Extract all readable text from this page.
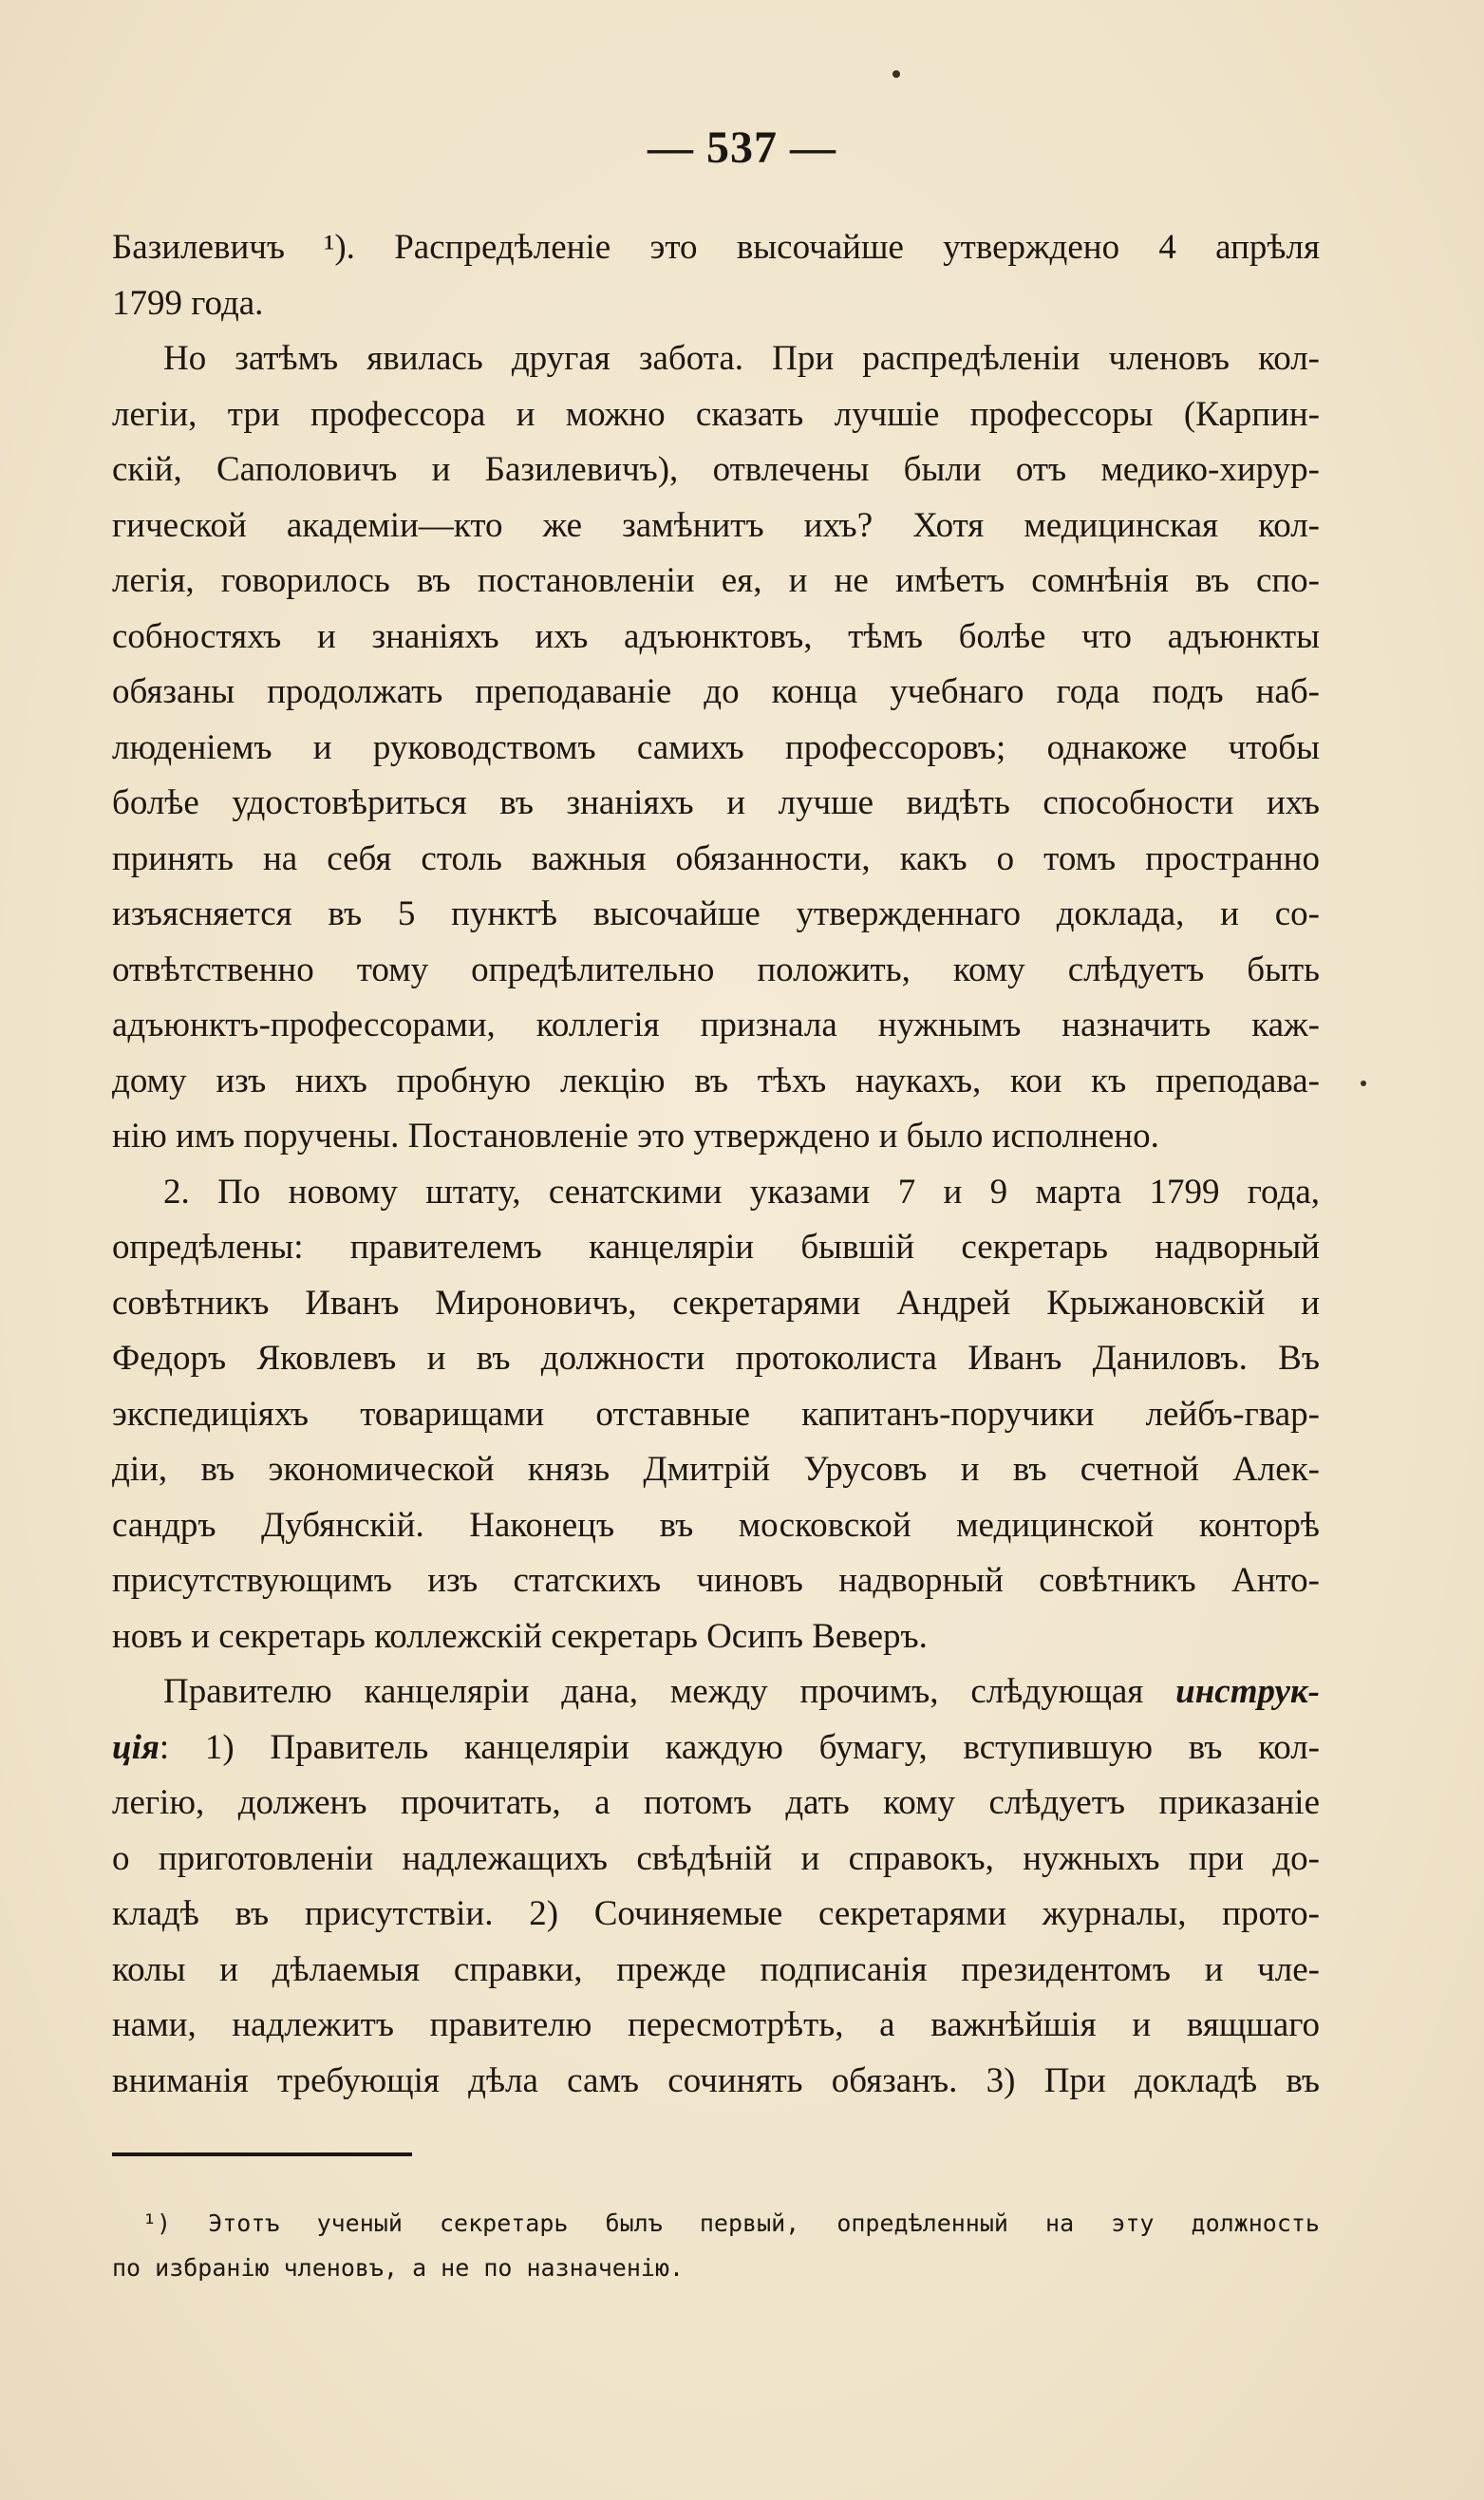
— 537 —
Базилевичъ ¹). Распредѣленіе это высочайше утверждено 4 апрѣля
1799 года.
Но затѣмъ явилась другая забота. При распредѣленіи членовъ кол-
легіи, три профессора и можно сказать лучшіе профессоры (Карпин-
скій, Саполовичъ и Базилевичъ), отвлечены были отъ медико-хирур-
гической академіи—кто же замѣнитъ ихъ? Хотя медицинская кол-
легія, говорилось въ постановленіи ея, и не имѣетъ сомнѣнія въ спо-
собностяхъ и знаніяхъ ихъ адъюнктовъ, тѣмъ болѣе что адъюнкты
обязаны продолжать преподаваніе до конца учебнаго года подъ наб-
люденіемъ и руководствомъ самихъ профессоровъ; однакоже чтобы
болѣе удостовѣриться въ знаніяхъ и лучше видѣть способности ихъ
принять на себя столь важныя обязанности, какъ о томъ пространно
изъясняется въ 5 пунктѣ высочайше утвержденнаго доклада, и со-
отвѣтственно тому опредѣлительно положить, кому слѣдуетъ быть
адъюнктъ-профессорами, коллегія признала нужнымъ назначить каж-
дому изъ нихъ пробную лекцію въ тѣхъ наукахъ, кои къ преподава-
нію имъ поручены. Постановленіе это утверждено и было исполнено.
2. По новому штату, сенатскими указами 7 и 9 марта 1799 года,
опредѣлены: правителемъ канцеляріи бывшій секретарь надворный
совѣтникъ Иванъ Мироновичъ, секретарями Андрей Крыжановскій и
Федоръ Яковлевъ и въ должности протоколиста Иванъ Даниловъ. Въ
экспедиціяхъ товарищами отставные капитанъ-поручики лейбъ-гвар-
діи, въ экономической князь Дмитрій Урусовъ и въ счетной Алек-
сандръ Дубянскій. Наконецъ въ московской медицинской конторѣ
присутствующимъ изъ статскихъ чиновъ надворный совѣтникъ Анто-
новъ и секретарь коллежскій секретарь Осипъ Веверъ.
Правителю канцеляріи дана, между прочимъ, слѣдующая инструк-
ція: 1) Правитель канцеляріи каждую бумагу, вступившую въ кол-
легію, долженъ прочитать, а потомъ дать кому слѣдуетъ приказаніе
о приготовленіи надлежащихъ свѣдѣній и справокъ, нужныхъ при до-
кладѣ въ присутствіи. 2) Сочиняемые секретарями журналы, прото-
колы и дѣлаемыя справки, прежде подписанія президентомъ и чле-
нами, надлежитъ правителю пересмотрѣть, а важнѣйшія и вящшаго
вниманія требующія дѣла самъ сочинять обязанъ. 3) При докладѣ въ
¹) Этотъ ученый секретарь былъ первый, опредѣленный на эту должность
по избранію членовъ, а не по назначенію.
